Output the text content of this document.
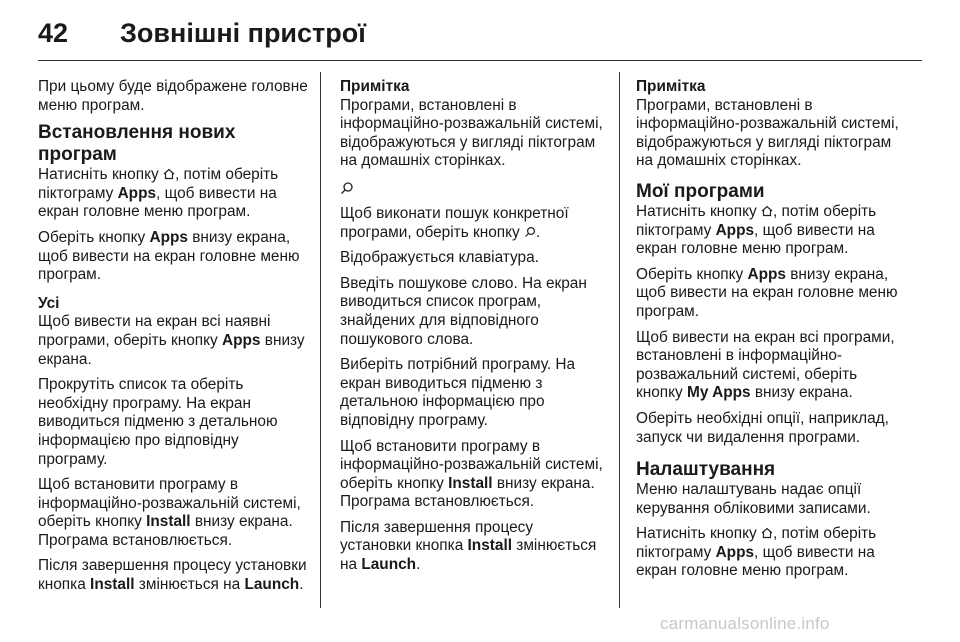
42	Зовнішні пристрої

При цьому буде відображене головне меню програм.

Встановлення нових програм

Натисніть кнопку
, потім оберіть піктограму Apps, щоб вивести на екран головне меню програм.

Оберіть кнопку Apps внизу екрана, щоб вивести на екран головне меню програм.

Усі

Щоб вивести на екран всі наявні програми, оберіть кнопку Apps внизу екрана.

Прокрутіть список та оберіть необхідну програму. На екран виводиться підменю з детальною інформацією про відповідну програму.

Щоб встановити програму в інформаційно-розважальній системі, оберіть кнопку Install внизу екрана. Програма встановлюється.

Після завершення процесу установки кнопка Install змінюється на Launch.

Примітка
Програми, встановлені в інформаційно-розважальній системі, відображуються у вигляді піктограм на домашніх сторінках.

Щоб виконати пошук конкретної програми, оберіть кнопку
.

Відображується клавіатура.

Введіть пошукове слово. На екран виводиться список програм, знайдених для відповідного пошукового слова.

Виберіть потрібний програму. На екран виводиться підменю з детальною інформацією про відповідну програму.

Щоб встановити програму в інформаційно-розважальній системі, оберіть кнопку Install внизу екрана. Програма встановлюється.

Після завершення процесу установки кнопка Install змінюється на Launch.

Примітка
Програми, встановлені в інформаційно-розважальній системі, відображуються у вигляді піктограм на домашніх сторінках.
Мої програми

Натисніть кнопку
, потім оберіть піктограму Apps, щоб вивести на екран головне меню програм.

Оберіть кнопку Apps внизу екрана, щоб вивести на екран головне меню програм.

Щоб вивести на екран всі програми, встановлені в інформаційно-розважальний системі, оберіть кнопку My Apps внизу екрана.

Оберіть необхідні опції, наприклад, запуск чи видалення програми.

Налаштування

Меню налаштувань надає опції керування обліковими записами.

Натисніть кнопку
, потім оберіть піктограму Apps, щоб вивести на екран головне меню програм.

carmanualsonline.info
